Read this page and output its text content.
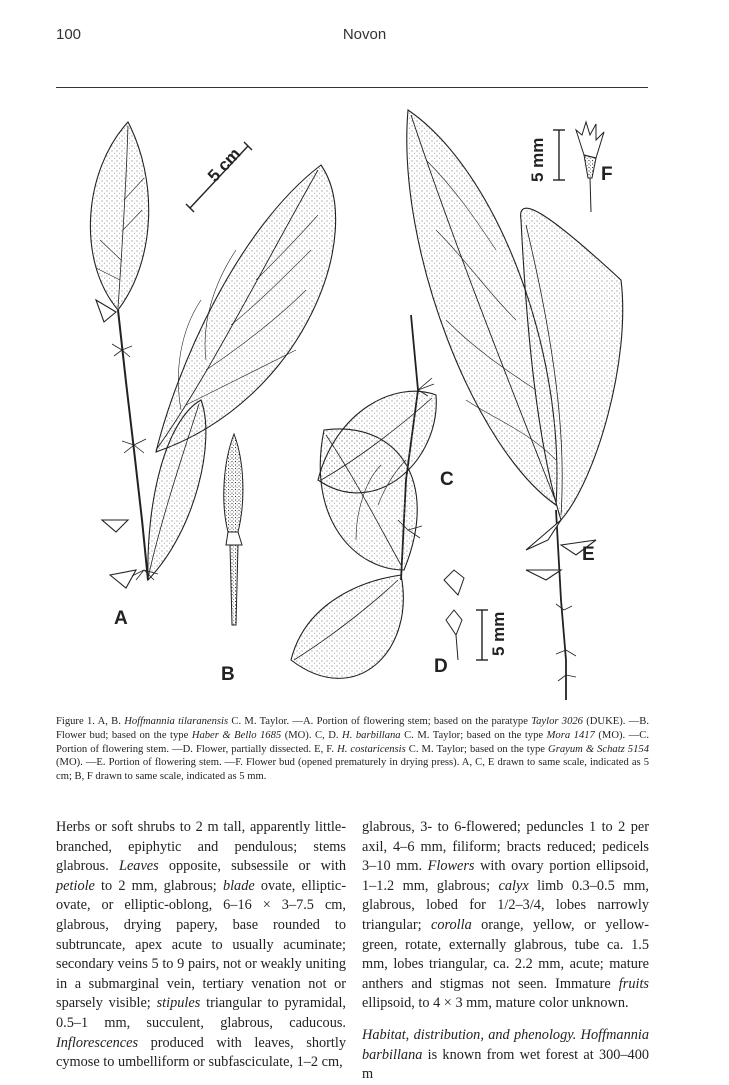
100	Novon
A
5 cm
B
C
D
5 mm
E
F
5 mm
Figure 1. A, B. Hoffmannia tilaranensis C. M. Taylor. —A. Portion of flowering stem; based on the paratype Taylor 3026 (DUKE). —B. Flower bud; based on the type Haber & Bello 1685 (MO). C, D. H. barbillana C. M. Taylor; based on the type Mora 1417 (MO). —C. Portion of flowering stem. —D. Flower, partially dissected. E, F. H. costaricensis C. M. Taylor; based on the type Grayum & Schatz 5154 (MO). —E. Portion of flowering stem. —F. Flower bud (opened prematurely in drying press). A, C, E drawn to same scale, indicated as 5 cm; B, F drawn to same scale, indicated as 5 mm.

Herbs or soft shrubs to 2 m tall, apparently little-branched, epiphytic and pendulous; stems glabrous. Leaves opposite, subsessile or with petiole to 2 mm, glabrous; blade ovate, elliptic-ovate, or elliptic-oblong, 6–16 × 3–7.5 cm, glabrous, drying papery, base rounded to subtruncate, apex acute to usually acuminate; secondary veins 5 to 9 pairs, not or weakly uniting in a submarginal vein, tertiary venation not or sparsely visible; stipules triangular to pyramidal, 0.5–1 mm, succulent, glabrous, caducous. Inflorescences produced with leaves, shortly cymose to umbelliform or subfasciculate, 1–2 cm,

glabrous, 3- to 6-flowered; peduncles 1 to 2 per axil, 4–6 mm, filiform; bracts reduced; pedicels 3–10 mm. Flowers with ovary portion ellipsoid, 1–1.2 mm, glabrous; calyx limb 0.3–0.5 mm, glabrous, lobed for 1/2–3/4, lobes narrowly triangular; corolla orange, yellow, or yellow-green, rotate, externally glabrous, tube ca. 1.5 mm, lobes triangular, ca. 2.2 mm, acute; mature anthers and stigmas not seen. Immature fruits ellipsoid, to 4 × 3 mm, mature color unknown.

Habitat, distribution, and phenology. Hoffmannia barbillana is known from wet forest at 300–400 m
